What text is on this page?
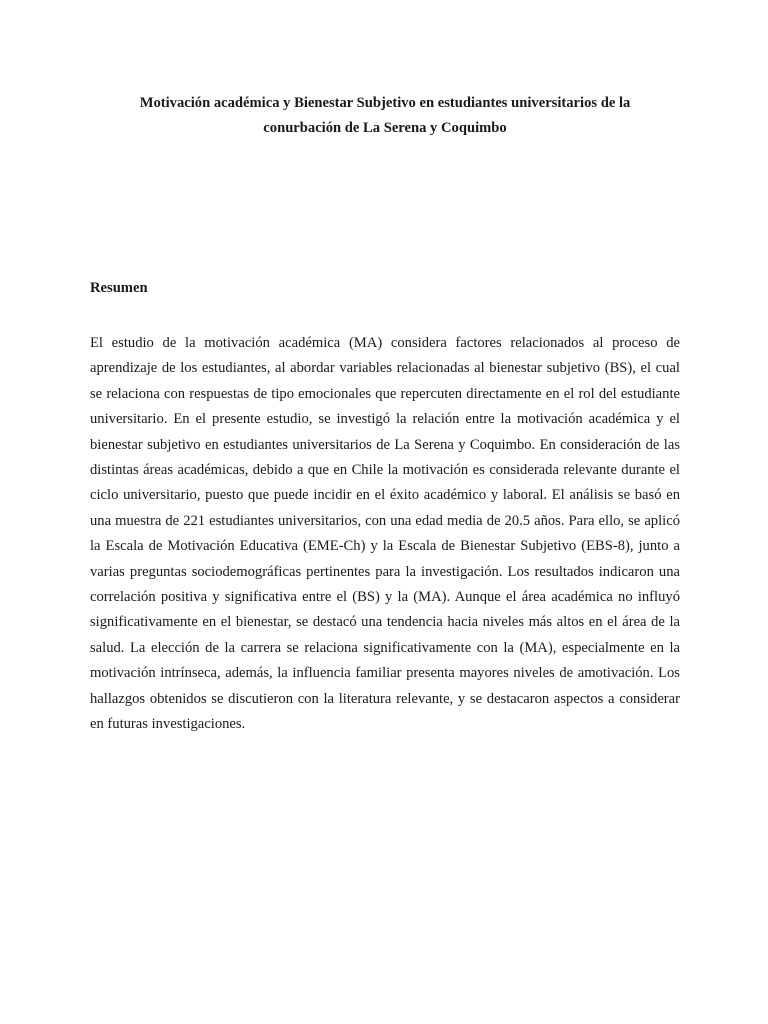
Motivación académica y Bienestar Subjetivo en estudiantes universitarios de la
conurbación de La Serena y Coquimbo
Resumen

El estudio de la motivación académica (MA) considera factores relacionados al proceso de aprendizaje de los estudiantes, al abordar variables relacionadas al bienestar subjetivo (BS), el cual se relaciona con respuestas de tipo emocionales que repercuten directamente en el rol del estudiante universitario. En el presente estudio, se investigó la relación entre la motivación académica y el bienestar subjetivo en estudiantes universitarios de La Serena y Coquimbo. En consideración de las distintas áreas académicas, debido a que en Chile la motivación es considerada relevante durante el ciclo universitario, puesto que puede incidir en el éxito académico y laboral. El análisis se basó en una muestra de 221 estudiantes universitarios, con una edad media de 20.5 años. Para ello, se aplicó la Escala de Motivación Educativa (EME-Ch) y la Escala de Bienestar Subjetivo (EBS-8), junto a varias preguntas sociodemográficas pertinentes para la investigación. Los resultados indicaron una correlación positiva y significativa entre el (BS) y la (MA). Aunque el área académica no influyó significativamente en el bienestar, se destacó una tendencia hacia niveles más altos en el área de la salud. La elección de la carrera se relaciona significativamente con la (MA), especialmente en la motivación intrínseca, además, la influencia familiar presenta mayores niveles de amotivación. Los hallazgos obtenidos se discutieron con la literatura relevante, y se destacaron aspectos a considerar en futuras investigaciones.
